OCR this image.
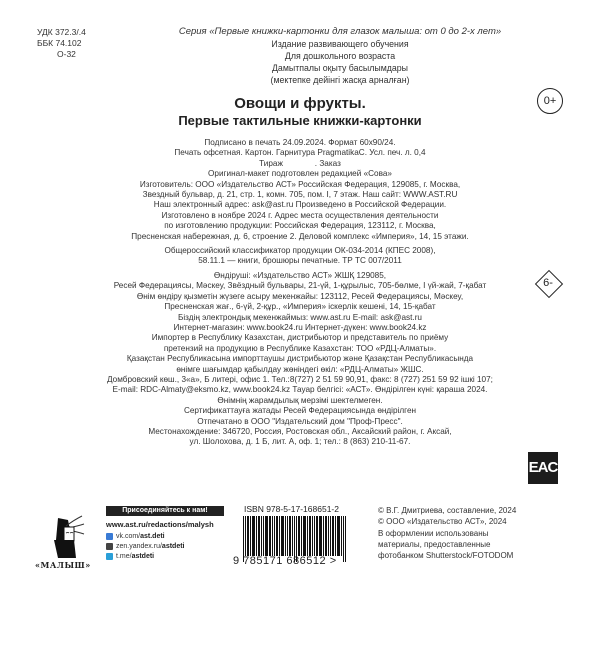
УДК 372.3/.4
ББК 74.102
О-32
Серия «Первые книжки-картонки для глазок малыша: от 0 до 2-х лет»
Издание развивающего обучения
Для дошкольного возраста
Дамытпалы оқыту басылымдары
(мектепке дейінгі жасқа арналған)
0+
Овощи и фрукты.
Первые тактильные книжки-картонки
Подписано в печать 24.09.2024. Формат 60х90/24.
Печать офсетная. Картон. Гарнитура PragmatikaC. Усл. печ. л. 0,4
Тираж              . Заказ
Оригинал-макет подготовлен редакцией «Сова»
Изготовитель: ООО «Издательство АСТ» Российская Федерация, 129085, г. Москва,
Звездный бульвар, д. 21, стр. 1, комн. 705, пом. I, 7 этаж. Наш сайт: WWW.AST.RU
Наш электронный адрес: ask@ast.ru Произведено в Российской Федерации.
Изготовлено в ноябре 2024 г. Адрес места осуществления деятельности
по изготовлению продукции: Российская Федерация, 123112, г. Москва,
Пресненская набережная, д. 6, строение 2. Деловой комплекс «Империя», 14, 15 этажи.
Общероссийский классификатор продукции ОК-034-2014 (КПЕС 2008),
58.11.1 — книги, брошюры печатные. ТР ТС 007/2011
Өндіруші: «Издательство АСТ» ЖШҚ 129085,
Ресей Федерациясы, Мәскеу, Звёздный бульвары, 21-үй, 1-құрылыс, 705-бөлме, I үй-жай, 7-қабат
Өнім өндіру қызметін жүзеге асыру мекенжайы: 123112, Ресей Федерациясы, Мәскеу,
Пресненская жағ., 6-үй, 2-құр., «Империя» іскерлік кешені, 14, 15-қабат
Біздің электрондық мекенжаймыз: www.ast.ru E-mail: ask@ast.ru
Интернет-магазин: www.book24.ru Интернет-дүкен: www.book24.kz
Импортер в Республику Казахстан, дистрибьютор и представитель по приёму
претензий на продукцию в Республике Казахстан: ТОО «РДЦ-Алматы».
Қазақстан Республикасына импорттаушы дистрибьютор және Қазақстан Республикасында
өнімге шағымдар қабылдау жөніндегі өкіл: «РДЦ-Алматы» ЖШС.
Домбровский көш., 3«а», Б литері, офис 1. Тел.:8(727) 2 51 59 90,91, факс: 8 (727) 251 59 92 ішкі 107;
E-mail: RDC-Almaty@eksmo.kz, www.book24.kz Тауар белгісі: «АСТ». Өндірілген күні: қараша 2024.
Өнімнің жарамдылық мерзімі шектелмеген.
Сертификаттауға жатады Ресей Федерациясында өндірілген
Отпечатано в ООО "Издательский дом "Проф-Пресс".
Местонахождение: 346720, Россия, Ростовская обл., Аксайский район, г. Аксай,
ул. Шолохова, д. 1 Б, лит. А, оф. 1; тел.: 8 (863) 210-11-67.
6-
EAC
«МАЛЫШ»
Присоединяйтесь к нам!
www.ast.ru/redactions/malysh
vk.com/ast.deti
zen.yandex.ru/astdeti
t.me/astdeti
ISBN 978-5-17-168651-2
9 785171 686512 >
© В.Г. Дмитриева, составление, 2024
© ООО «Издательство АСТ», 2024
В оформлении использованы
материалы, предоставленные
фотобанком Shutterstock/FOTODOM
